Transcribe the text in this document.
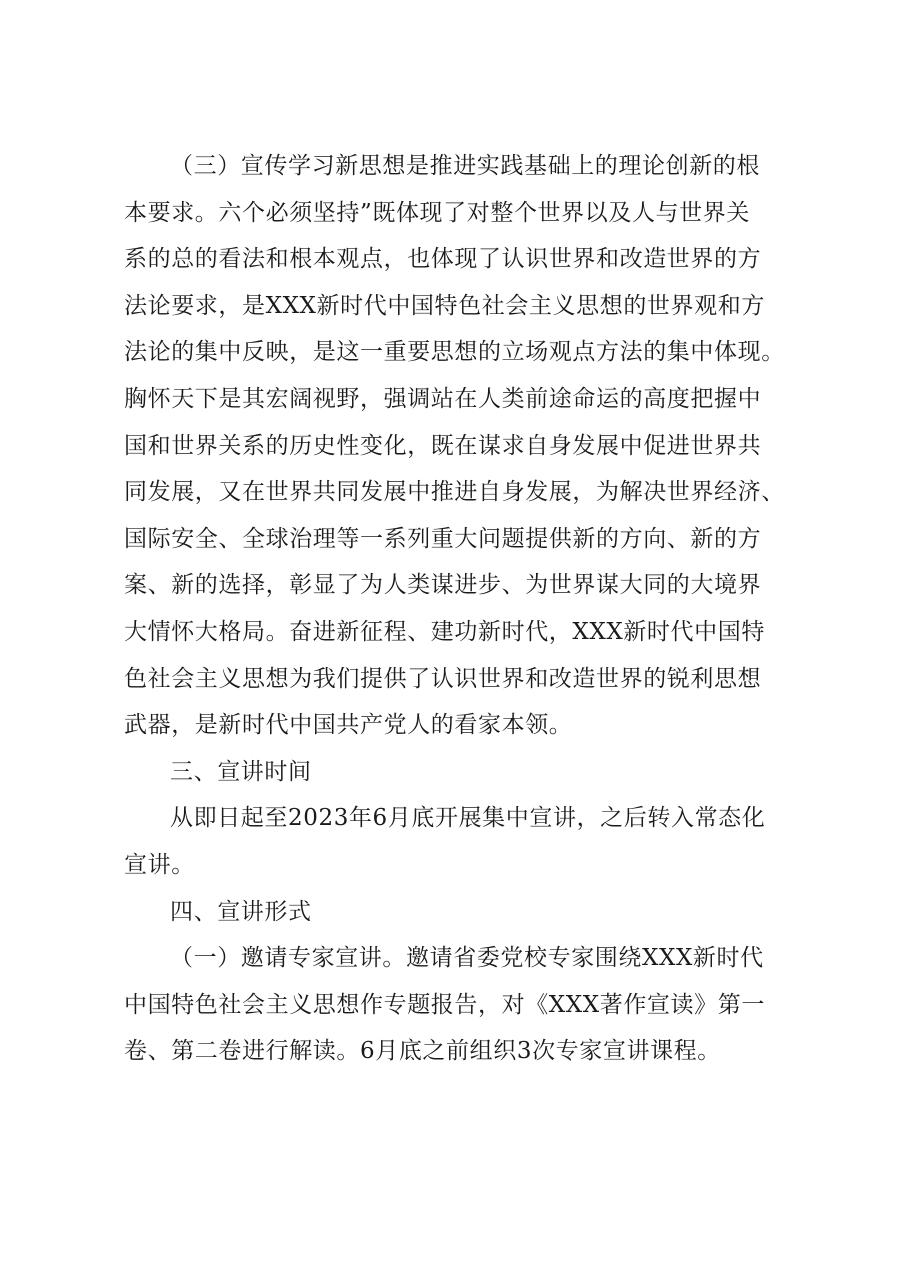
（三）宣传学习新思想是推进实践基础上的理论创新的根
本要求。六个必须坚持”既体现了对整个世界以及人与世界关
系的总的看法和根本观点，也体现了认识世界和改造世界的方
法论要求，是XXX新时代中国特色社会主义思想的世界观和方
法论的集中反映，是这一重要思想的立场观点方法的集中体现。
胸怀天下是其宏阔视野，强调站在人类前途命运的高度把握中
国和世界关系的历史性变化，既在谋求自身发展中促进世界共
同发展，又在世界共同发展中推进自身发展，为解决世界经济、
国际安全、全球治理等一系列重大问题提供新的方向、新的方
案、新的选择，彰显了为人类谋进步、为世界谋大同的大境界
大情怀大格局。奋进新征程、建功新时代，XXX新时代中国特
色社会主义思想为我们提供了认识世界和改造世界的锐利思想
武器，是新时代中国共产党人的看家本领。
三、宣讲时间
从即日起至2023年6月底开展集中宣讲，之后转入常态化
宣讲。
四、宣讲形式
（一）邀请专家宣讲。邀请省委党校专家围绕XXX新时代
中国特色社会主义思想作专题报告，对《XXX著作宣读》第一
卷、第二卷进行解读。6月底之前组织3次专家宣讲课程。
